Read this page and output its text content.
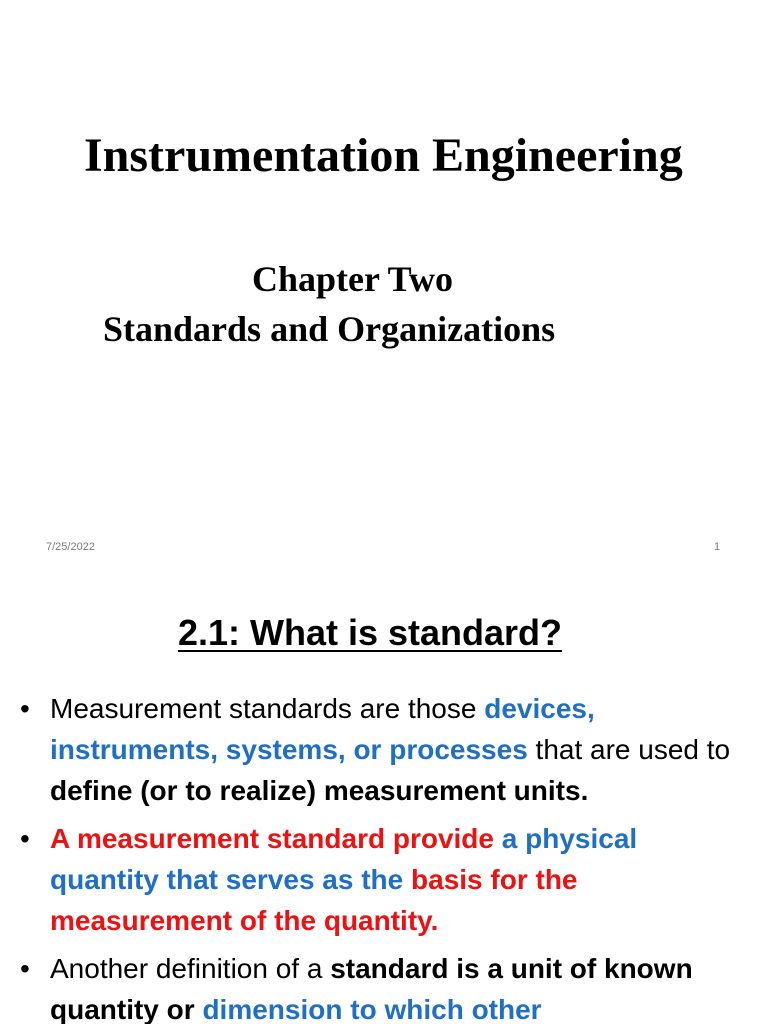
Instrumentation Engineering
Chapter Two
Standards and Organizations
7/25/2022	1
2.1: What is standard?
• Measurement standards are those devices, instruments, systems, or processes that are used to define (or to realize) measurement units.
• A measurement standard provide a physical quantity that serves as the basis for the measurement of the quantity.
• Another definition of a standard is a unit of known quantity or dimension to which other
